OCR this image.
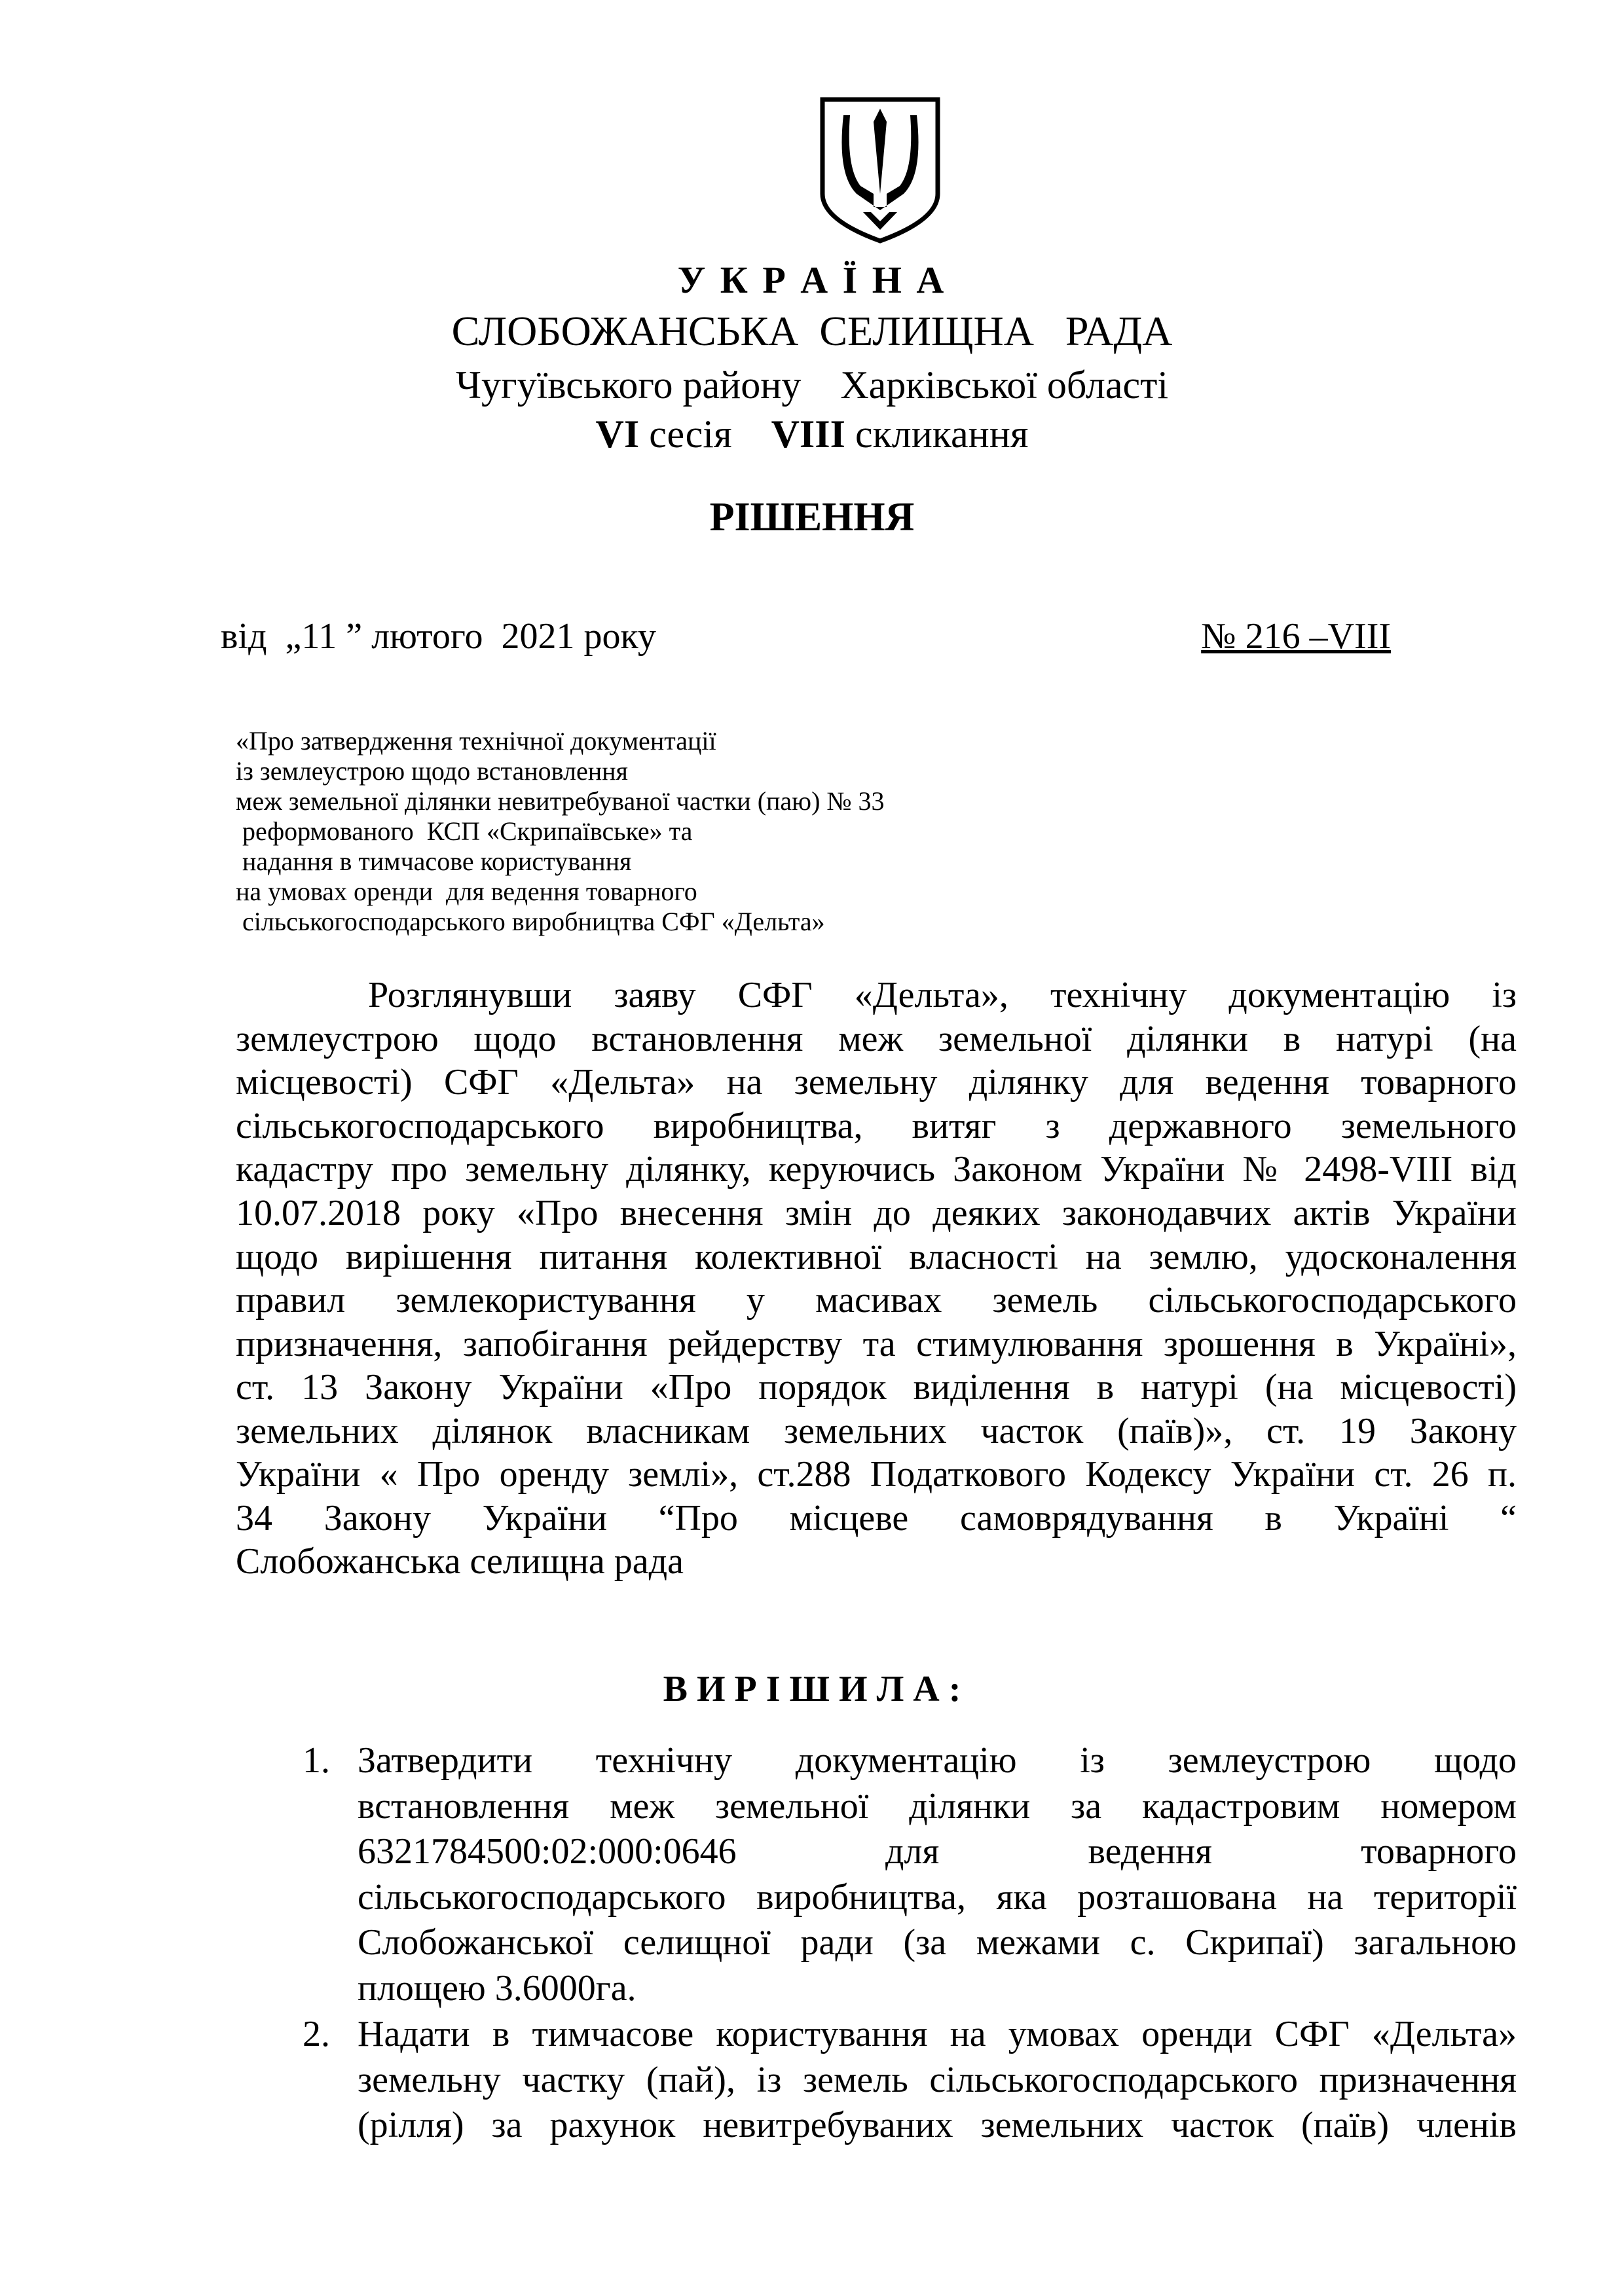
У К Р А Ї Н А
СЛОБОЖАНСЬКА  СЕЛИЩНА   РАДА
Чугуївського району    Харківської області
VI сесія    VIII скликання
РІШЕННЯ
від  „11 ” лютого  2021 року	№ 216 –VIII
«Про затвердження технічної документації
із землеустрою щодо встановлення
меж земельної ділянки невитребуваної частки (паю) № 33
реформованого  КСП «Скрипаївське» та
надання в тимчасове користування
на умовах оренди  для ведення товарного
сільськогосподарського виробництва СФГ «Дельта»
Розглянувши заяву СФГ «Дельта», технічну документацію із
землеустрою щодо встановлення меж земельної ділянки в натурі (на
місцевості) СФГ «Дельта» на земельну ділянку для ведення товарного
сільськогосподарського виробництва, витяг з державного земельного
кадастру про земельну ділянку, керуючись Законом України № 2498-VIII від
10.07.2018 року «Про внесення змін до деяких законодавчих актів України
щодо вирішення питання колективної власності на землю, удосконалення
правил землекористування у масивах земель сільськогосподарського
призначення, запобігання рейдерству та стимулювання зрошення в Україні»,
ст. 13 Закону України «Про порядок виділення в натурі (на місцевості)
земельних ділянок власникам земельних часток (паїв)», ст. 19 Закону
України « Про оренду землі», ст.288 Податкового Кодексу України ст. 26 п.
34 Закону України “Про місцеве самоврядування в Україні “
Слобожанська селищна рада
В И Р І Ш И Л А :
1. Затвердити технічну документацію із землеустрою щодо
встановлення меж земельної ділянки за кадастровим номером
6321784500:02:000:0646 для ведення товарного
сільськогосподарського виробництва, яка розташована на території
Слобожанської селищної ради (за межами с. Скрипаї) загальною
площею 3.6000га.
2. Надати в тимчасове користування на умовах оренди СФГ «Дельта»
земельну частку (пай), із земель сільськогосподарського призначення
(рілля) за рахунок невитребуваних земельних часток (паїв) членів
